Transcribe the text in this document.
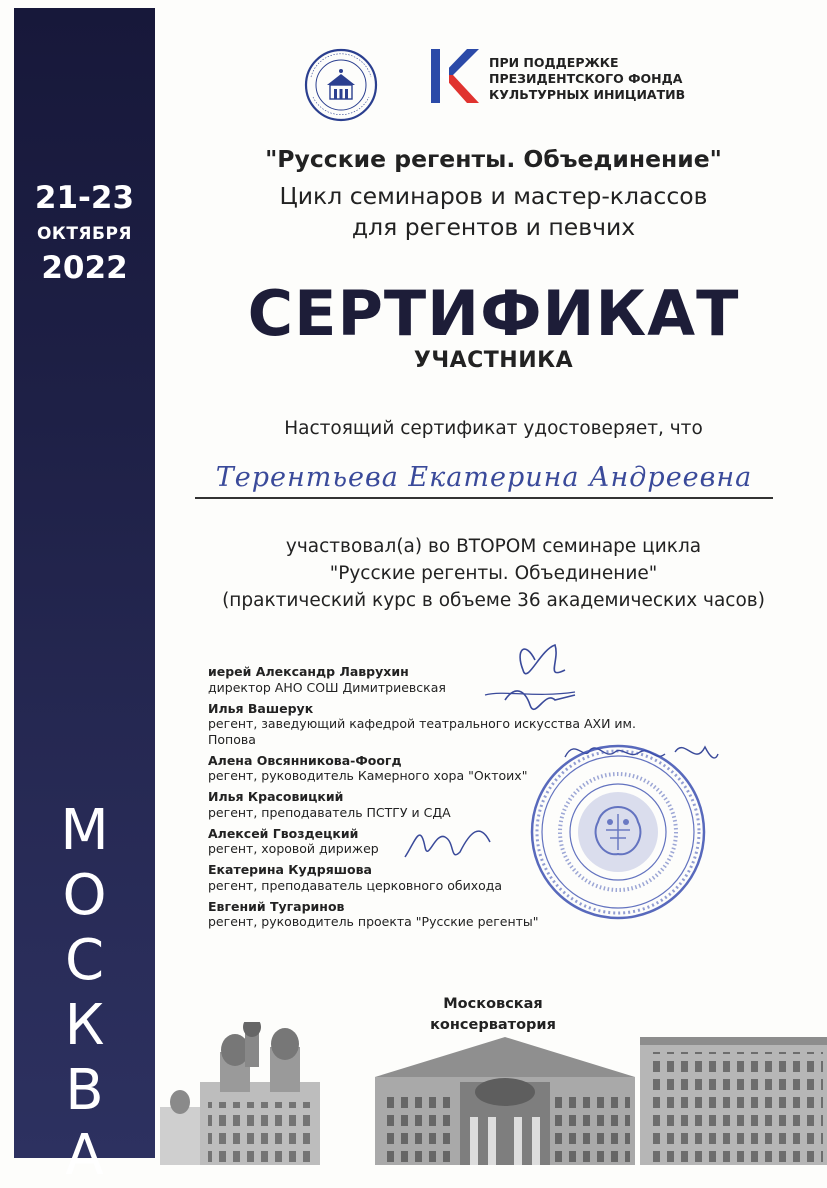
21-23
ОКТЯБРЯ
2022
М
О
С
К
В
А
ПРИ ПОДДЕРЖКЕ
ПРЕЗИДЕНТСКОГО ФОНДА
КУЛЬТУРНЫХ ИНИЦИАТИВ
"Русские регенты. Объединение"
Цикл семинаров и мастер-классов
для регентов и певчих
СЕРТИФИКАТ
УЧАСТНИКА
Настоящий сертификат удостоверяет, что
Терентьева Екатерина Андреевна
участвовал(а) во ВТОРОМ семинаре цикла
"Русские регенты. Объединение"
(практический курс в объеме 36 академических часов)
иерей Александр Лаврухин
директор АНО СОШ Димитриевская
Илья Вашерук
регент, заведующий кафедрой театрального искусства АХИ им. Попова
Алена Овсянникова-Фоогд
регент, руководитель Камерного хора "Октоих"
Илья Красовицкий
регент, преподаватель ПСТГУ и СДА
Алексей Гвоздецкий
регент, хоровой дирижер
Екатерина Кудряшова
регент, преподаватель церковного обихода
Евгений Тугаринов
регент, руководитель проекта "Русские регенты"
Московская
консерватория
